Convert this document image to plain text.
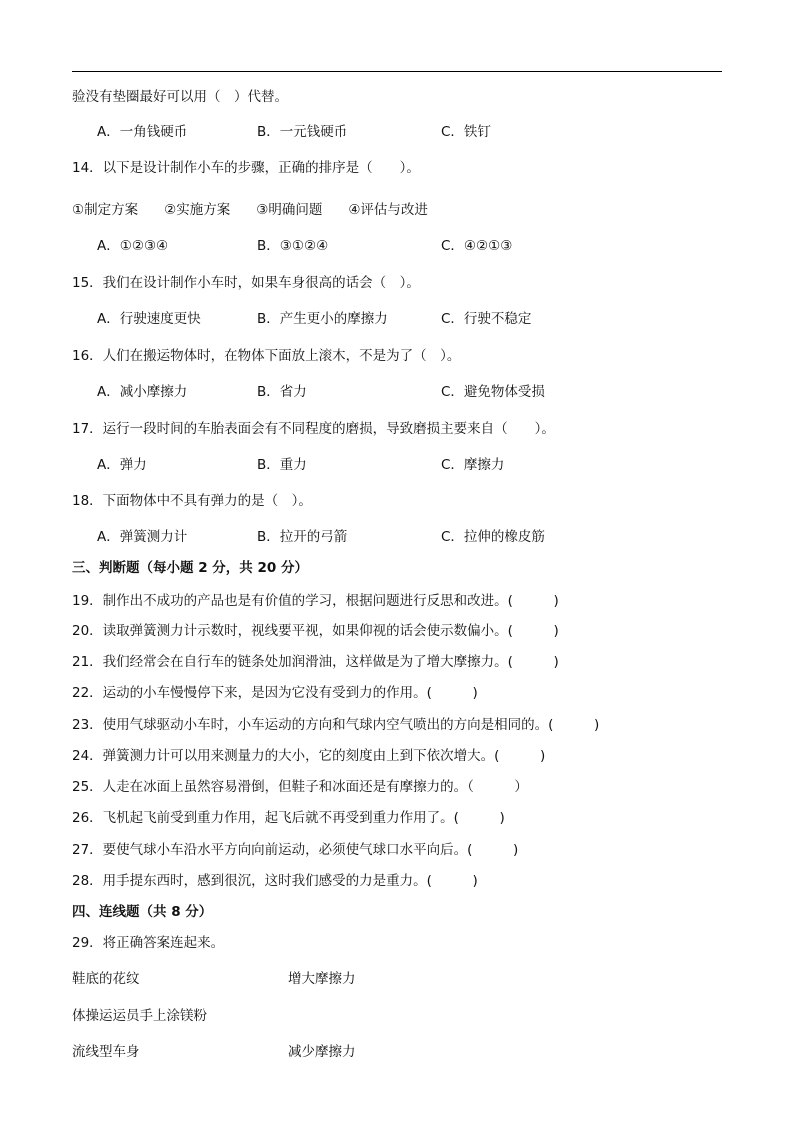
验没有垫圈最好可以用（　）代替。
A．一角钱硬币	B．一元钱硬币	C．铁钉
14．以下是设计制作小车的步骤，正确的排序是（　　）。
①制定方案 ②实施方案 ③明确问题 ④评估与改进
A．①②③④	B．③①②④	C．④②①③
15．我们在设计制作小车时，如果车身很高的话会（　）。
A．行驶速度更快	B．产生更小的摩擦力	C．行驶不稳定
16．人们在搬运物体时，在物体下面放上滚木，不是为了（　）。
A．减小摩擦力	B．省力	C．避免物体受损
17．运行一段时间的车胎表面会有不同程度的磨损，导致磨损主要来自（　　）。
A．弹力	B．重力	C．摩擦力
18．下面物体中不具有弹力的是（　）。
A．弹簧测力计	B．拉开的弓箭	C．拉伸的橡皮筋
三、判断题（每小题 2 分，共 20 分）
19．制作出不成功的产品也是有价值的学习，根据问题进行反思和改进。(　　　)
20．读取弹簧测力计示数时，视线要平视，如果仰视的话会使示数偏小。(　　　)
21．我们经常会在自行车的链条处加润滑油，这样做是为了增大摩擦力。(　　　)
22．运动的小车慢慢停下来，是因为它没有受到力的作用。(　　　)
23．使用气球驱动小车时，小车运动的方向和气球内空气喷出的方向是相同的。(　　　)
24．弹簧测力计可以用来测量力的大小，它的刻度由上到下依次增大。(　　　)
25．人走在冰面上虽然容易滑倒，但鞋子和冰面还是有摩擦力的。（　　　）
26．飞机起飞前受到重力作用，起飞后就不再受到重力作用了。(　　　)
27．要使气球小车沿水平方向向前运动，必须使气球口水平向后。(　　　)
28．用手提东西时，感到很沉，这时我们感受的力是重力。(　　　)
四、连线题（共 8 分）
29．将正确答案连起来。
鞋底的花纹	增大摩擦力
体操运运员手上涂镁粉
流线型车身	减少摩擦力
